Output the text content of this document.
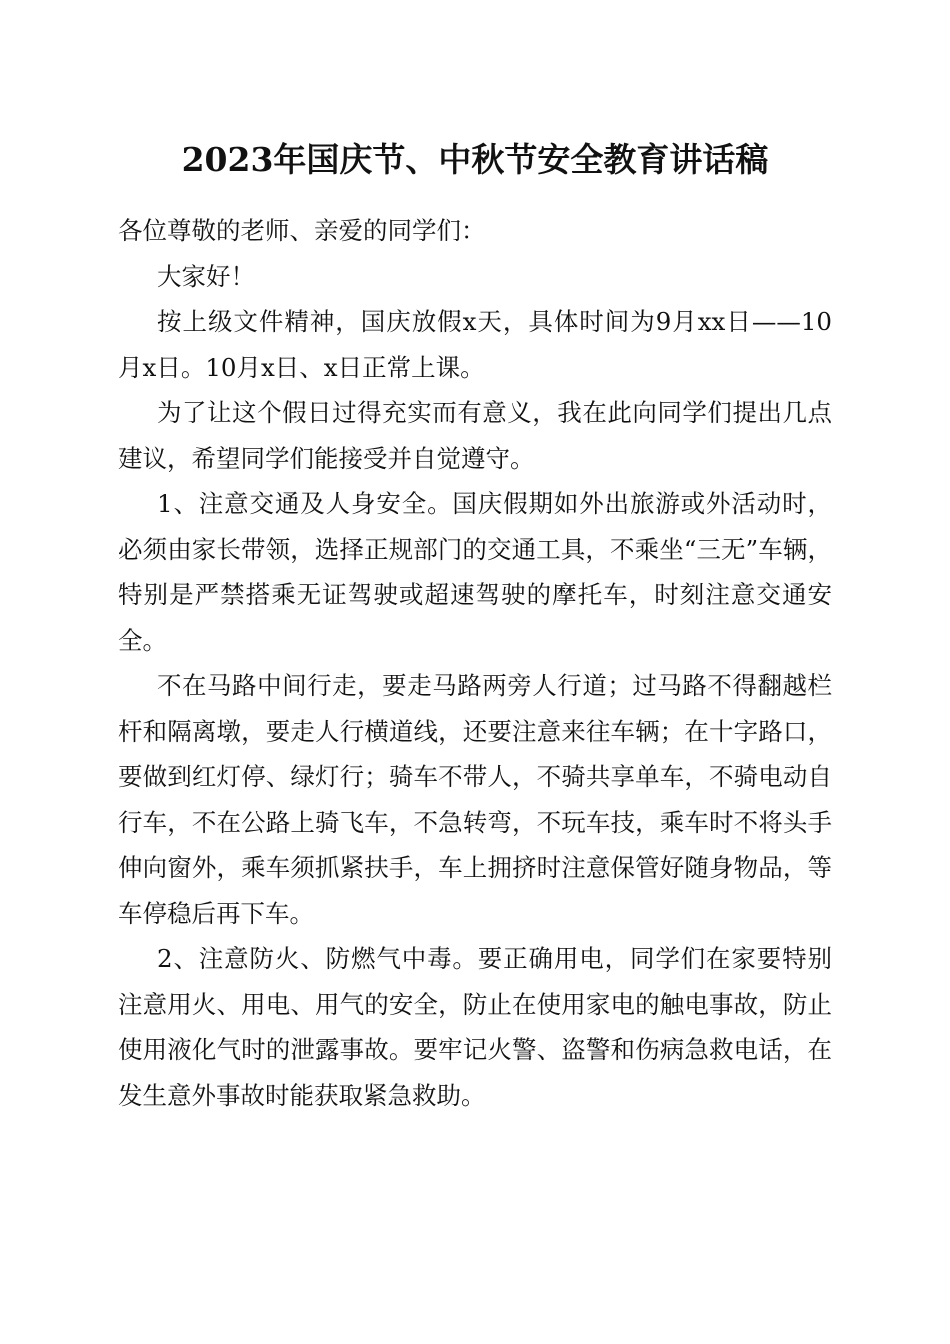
2023年国庆节、中秋节安全教育讲话稿

各位尊敬的老师、亲爱的同学们：

大家好！

按上级文件精神，国庆放假x天，具体时间为9月xx日——10月x日。10月x日、x日正常上课。

为了让这个假日过得充实而有意义，我在此向同学们提出几点建议，希望同学们能接受并自觉遵守。

1、注意交通及人身安全。国庆假期如外出旅游或外活动时，必须由家长带领，选择正规部门的交通工具，不乘坐“三无”车辆，特别是严禁搭乘无证驾驶或超速驾驶的摩托车，时刻注意交通安全。

不在马路中间行走，要走马路两旁人行道；过马路不得翻越栏杆和隔离墩，要走人行横道线，还要注意来往车辆；在十字路口，要做到红灯停、绿灯行；骑车不带人，不骑共享单车，不骑电动自行车，不在公路上骑飞车，不急转弯，不玩车技，乘车时不将头手伸向窗外，乘车须抓紧扶手，车上拥挤时注意保管好随身物品，等车停稳后再下车。

2、注意防火、防燃气中毒。要正确用电，同学们在家要特别注意用火、用电、用气的安全，防止在使用家电的触电事故，防止使用液化气时的泄露事故。要牢记火警、盗警和伤病急救电话，在发生意外事故时能获取紧急救助。
